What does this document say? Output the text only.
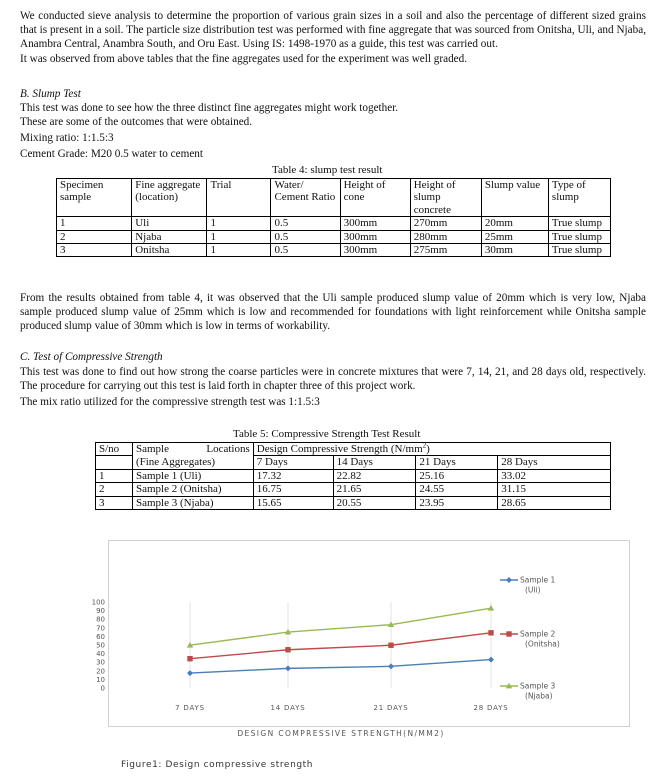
We conducted sieve analysis to determine the proportion of various grain sizes in a soil and also the percentage of different sized grains that is present in a soil. The particle size distribution test was performed with fine aggregate that was sourced from Onitsha, Uli, and Njaba, Anambra Central, Anambra South, and Oru East. Using IS: 1498-1970 as a guide, this test was carried out.

It was observed from above tables that the fine aggregates used for the experiment was well graded.

B. Slump Test
This test was done to see how the three distinct fine aggregates might work together.
These are some of the outcomes that were obtained.
Mixing ratio: 1:1.5:3
Cement Grade: M20 0.5 water to cement
Table 4: slump test result
Specimen sample	Fine aggregate (location)	Trial	Water/ Cement Ratio	Height of cone	Height of slump concrete	Slump value	Type of slump
1	Uli	1	0.5	300mm	270mm	20mm	True slump
2	Njaba	1	0.5	300mm	280mm	25mm	True slump
3	Onitsha	1	0.5	300mm	275mm	30mm	True slump

From the results obtained from table 4, it was observed that the Uli sample produced slump value of 20mm which is very low, Njaba sample produced slump value of 25mm which is low and recommended for foundations with light reinforcement while Onitsha sample produced slump value of 30mm which is low in terms of workability.

C. Test of Compressive Strength

This test was done to find out how strong the coarse particles were in concrete mixtures that were 7, 14, 21, and 28 days old, respectively. The procedure for carrying out this test is laid forth in chapter three of this project work.

The mix ratio utilized for the compressive strength test was 1:1.5:3
Table 5: Compressive Strength Test Result
S/no	Sample Locations	Design Compressive Strength $(N/mm^2)$			
	(Fine Aggregates)	7 Days	14 Days	21 Days	28 Days
1	Sample 1 (Uli)	17.32	22.82	25.16	33.02
2	Sample 2 (Onitsha)	16.75	21.65	24.55	31.15
3	Sample 3 (Njaba)	15.65	20.55	23.95	28.65
0
10
20
30
40
50
60
70
80
90
100
7 DAYS	14 DAYS	21 DAYS	28 DAYS
DESIGN COMPRESSIVE STRENGTH(N/MM2)
Sample 1
(Uli)
Sample 2
(Onitsha)
Sample 3
(Njaba)
Figure1: Design compressive strength
